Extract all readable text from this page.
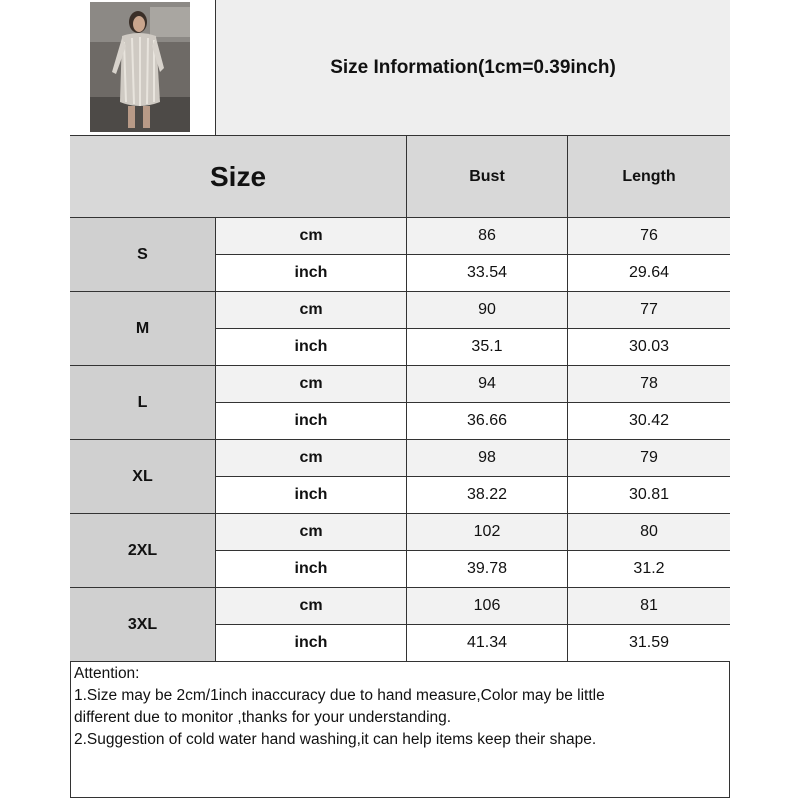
Size Information(1cm=0.39inch)
Size	Bust	Length
S
cm	86	76
inch	33.54	29.64
M
cm	90	77
inch	35.1	30.03
L
cm	94	78
inch	36.66	30.42
XL
cm	98	79
inch	38.22	30.81
2XL
cm	102	80
inch	39.78	31.2
3XL
cm	106	81
inch	41.34	31.59
Attention:
1.Size may be 2cm/1inch inaccuracy due to hand measure,Color may be little
different due to monitor ,thanks for your understanding.
2.Suggestion of cold water hand washing,it can help items keep their shape.
